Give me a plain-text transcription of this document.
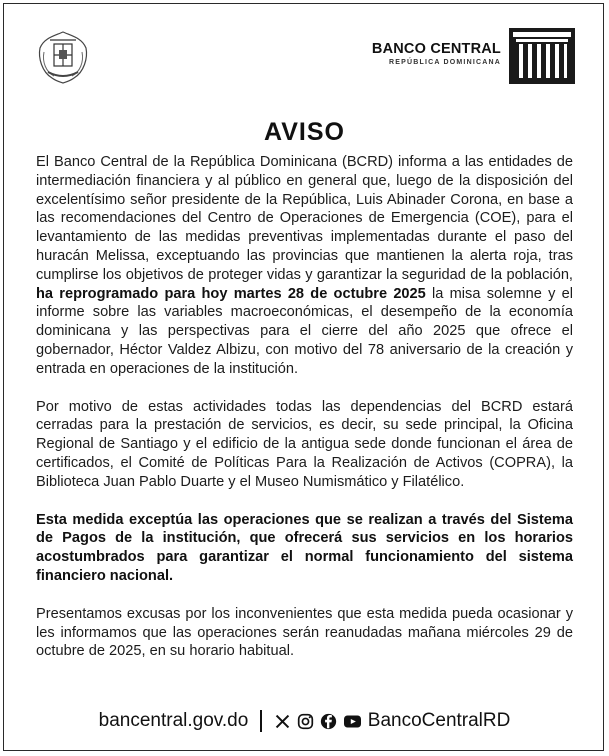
BANCO CENTRAL
REPÚBLICA DOMINICANA
AVISO

El Banco Central de la República Dominicana (BCRD) informa a las entidades de intermediación financiera y al público en general que, luego de la disposición del excelentísimo señor presidente de la República, Luis Abinader Corona, en base a las recomendaciones del Centro de Operaciones de Emergencia (COE), para el levantamiento de las medidas preventivas implementadas durante el paso del huracán Melissa, exceptuando las provincias que mantienen la alerta roja, tras cumplirse los objetivos de proteger vidas y garantizar la seguridad de la población, ha reprogramado para hoy martes 28 de octubre 2025 la misa solemne y el informe sobre las variables macroeconómicas, el desempeño de la economía dominicana y las perspectivas para el cierre del año 2025 que ofrece el gobernador, Héctor Valdez Albizu, con motivo del 78 aniversario de la creación y entrada en operaciones de la institución.

Por motivo de estas actividades todas las dependencias del BCRD estará cerradas para la prestación de servicios, es decir, su sede principal, la Oficina Regional de Santiago y el edificio de la antigua sede donde funcionan el área de certificados, el Comité de Políticas Para la Realización de Activos (COPRA), la Biblioteca Juan Pablo Duarte y el Museo Numismático y Filatélico.

Esta medida exceptúa las operaciones que se realizan a través del Sistema de Pagos de la institución, que ofrecerá sus servicios en los horarios acostumbrados para garantizar el normal funcionamiento del sistema financiero nacional.

Presentamos excusas por los inconvenientes que esta medida pueda ocasionar y les informamos que las operaciones serán reanudadas mañana miércoles 29 de octubre de 2025, en su horario habitual.

bancentral.gov.do	BancoCentralRD
